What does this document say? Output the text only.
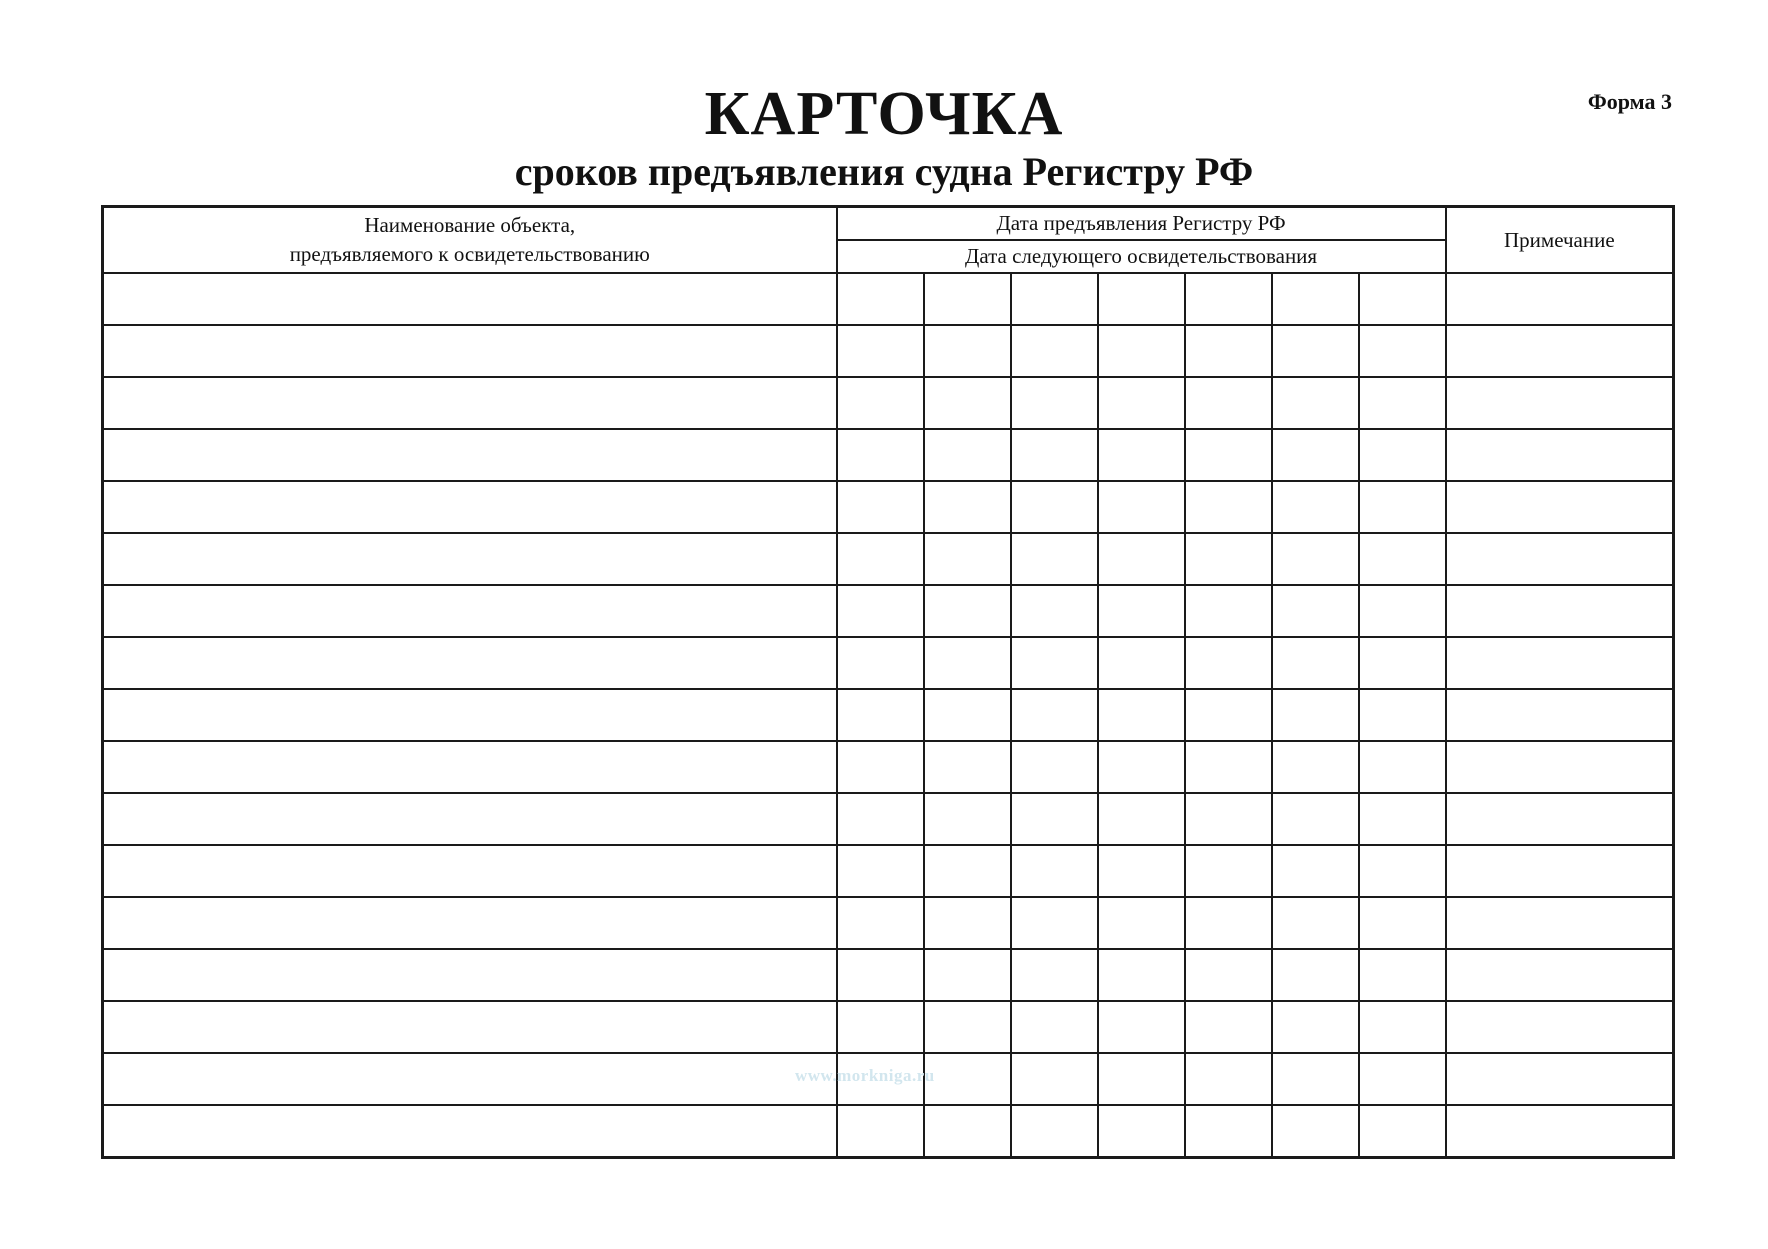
Форма 3
КАРТОЧКА
сроков предъявления судна Регистру РФ
Наименование объекта,
предъявляемого к освидетельствованию	Дата предъявления Регистру РФ							Примечание
	Дата следующего освидетельствования							

www.morkniga.ru
